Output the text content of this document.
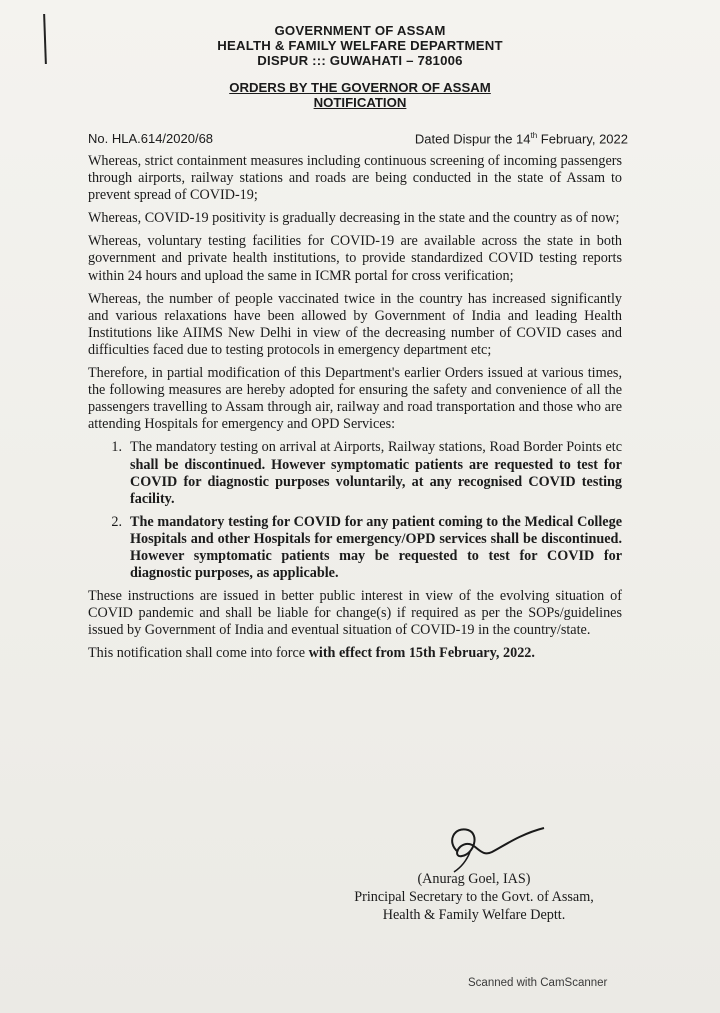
GOVERNMENT OF ASSAM
HEALTH & FAMILY WELFARE DEPARTMENT
DISPUR ::: GUWAHATI – 781006
ORDERS BY THE GOVERNOR OF ASSAM
NOTIFICATION
No. HLA.614/2020/68	Dated Dispur the 14th February, 2022

Whereas, strict containment measures including continuous screening of incoming passengers through airports, railway stations and roads are being conducted in the state of Assam to prevent spread of COVID-19;

Whereas, COVID-19 positivity is gradually decreasing in the state and the country as of now;

Whereas, voluntary testing facilities for COVID-19 are available across the state in both government and private health institutions, to provide standardized COVID testing reports within 24 hours and upload the same in ICMR portal for cross verification;

Whereas, the number of people vaccinated twice in the country has increased significantly and various relaxations have been allowed by Government of India and leading Health Institutions like AIIMS New Delhi in view of the decreasing number of COVID cases and difficulties faced due to testing protocols in emergency department etc;

Therefore, in partial modification of this Department's earlier Orders issued at various times, the following measures are hereby adopted for ensuring the safety and convenience of all the passengers travelling to Assam through air, railway and road transportation and those who are attending Hospitals for emergency and OPD Services:

1. The mandatory testing on arrival at Airports, Railway stations, Road Border Points etc shall be discontinued. However symptomatic patients are requested to test for COVID for diagnostic purposes voluntarily, at any recognised COVID testing facility.
2. The mandatory testing for COVID for any patient coming to the Medical College Hospitals and other Hospitals for emergency/OPD services shall be discontinued. However symptomatic patients may be requested to test for COVID for diagnostic purposes, as applicable.

These instructions are issued in better public interest in view of the evolving situation of COVID pandemic and shall be liable for change(s) if required as per the SOPs/guidelines issued by Government of India and eventual situation of COVID-19 in the country/state.

This notification shall come into force with effect from 15th February, 2022.

(Anurag Goel, IAS)
Principal Secretary to the Govt. of Assam,
Health & Family Welfare Deptt.
Scanned with CamScanner
